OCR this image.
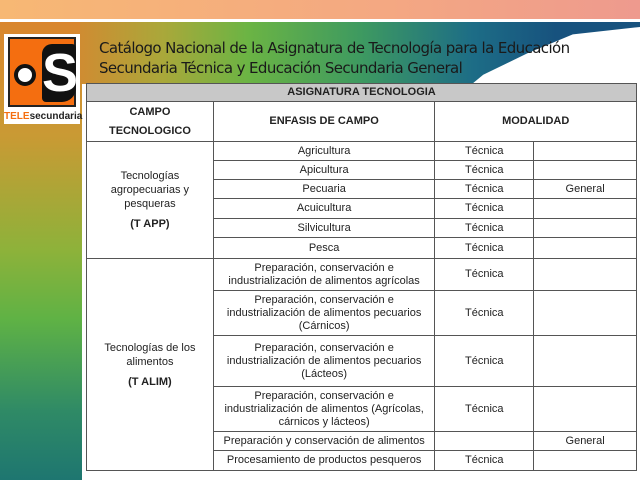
S
TELEsecundaria
Catálogo Nacional de la Asignatura de Tecnología para la Educación
Secundaria Técnica y Educación Secundaria General
ASIGNATURA TECNOLOGIA			
CAMPO
TECNOLOGICO	ENFASIS DE CAMPO	MODALIDAD	
Tecnologías agropecuarias y pesqueras
(T APP)	Agricultura	Técnica	
	Apicultura	Técnica	
	Pecuaria	Técnica	General
	Acuicultura	Técnica	
	Silvicultura	Técnica	
	Pesca	Técnica	
Tecnologías de los alimentos
(T ALIM)	Preparación, conservación e industrialización de alimentos agrícolas	Técnica	
	Preparación, conservación e industrialización de alimentos pecuarios (Cárnicos)	Técnica	
	Preparación, conservación e industrialización de alimentos pecuarios (Lácteos)	Técnica	
	Preparación, conservación e industrialización de alimentos (Agrícolas, cárnicos y lácteos)	Técnica	
	Preparación y conservación de alimentos		General
	Procesamiento de productos pesqueros	Técnica	
